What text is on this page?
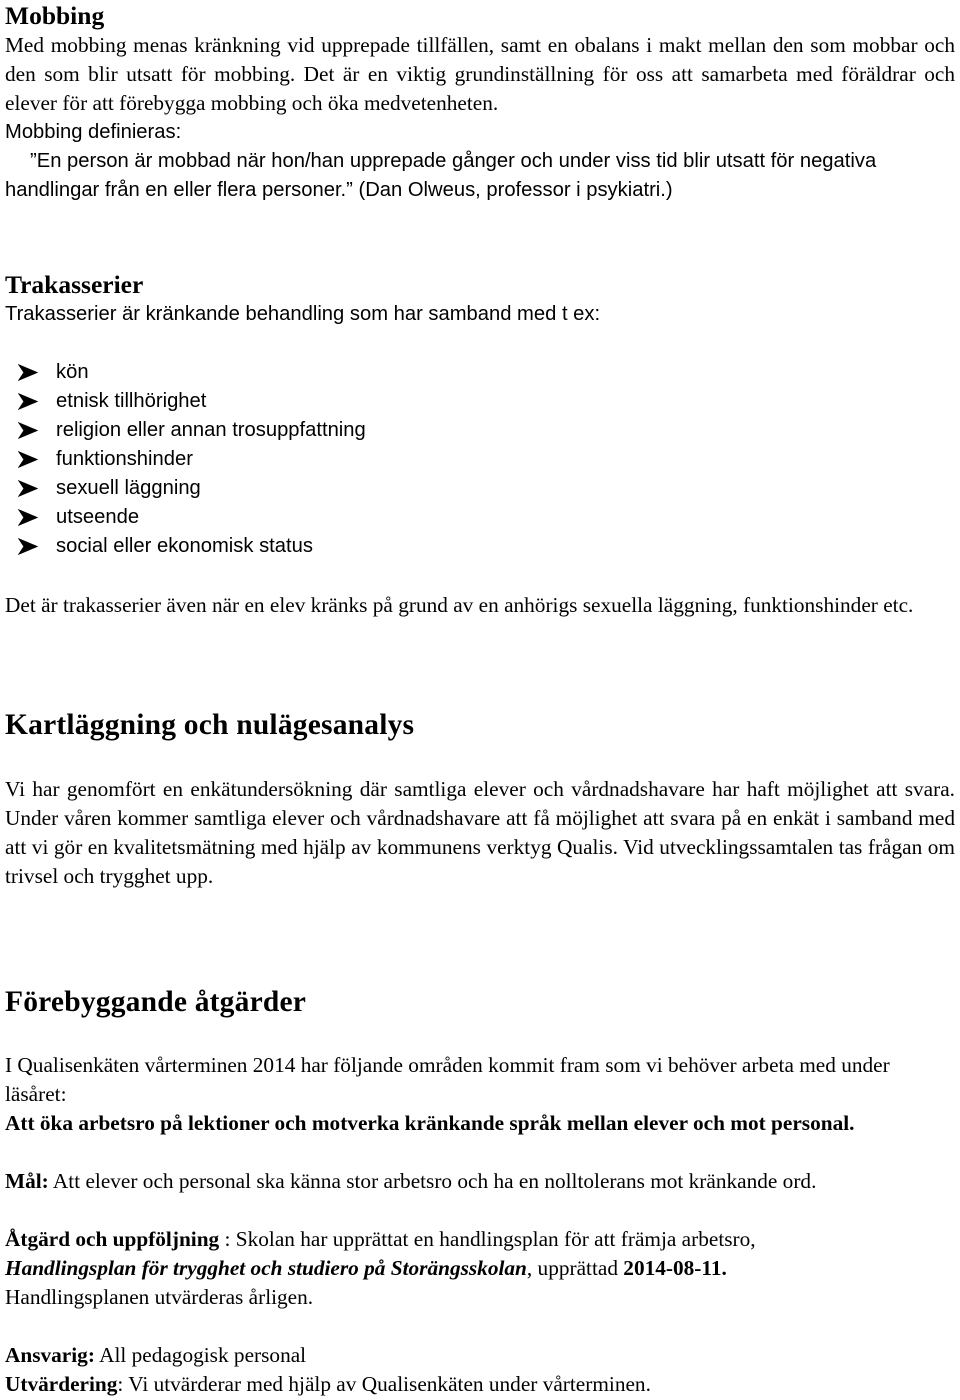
Mobbing

Med mobbing menas kränkning vid upprepade tillfällen, samt en obalans i makt mellan den som mobbar och den som blir utsatt för mobbing. Det är en viktig grundinställning för oss att samarbeta med föräldrar och elever för att förebygga mobbing och öka medvetenheten.

Mobbing definieras:
”En person är mobbad när hon/han upprepade gånger och under viss tid blir utsatt för negativa handlingar från en eller flera personer.” (Dan Olweus, professor i psykiatri.)
Trakasserier
Trakasserier är kränkande behandling som har samband med t ex:
kön
etnisk tillhörighet
religion eller annan trosuppfattning
funktionshinder
sexuell läggning
utseende
social eller ekonomisk status

Det är trakasserier även när en elev kränks på grund av en anhörigs sexuella läggning, funktionshinder etc.

Kartläggning och nulägesanalys

Vi har genomfört en enkätundersökning där samtliga elever och vårdnadshavare har haft möjlighet att svara. Under våren kommer samtliga elever och vårdnadshavare att få möjlighet att svara på en enkät i samband med att vi gör en kvalitetsmätning med hjälp av kommunens verktyg Qualis. Vid utvecklingssamtalen tas frågan om trivsel och trygghet upp.

Förebyggande åtgärder

I Qualisenkäten vårterminen 2014 har följande områden kommit fram som vi behöver arbeta med under läsåret:

Att öka arbetsro på lektioner och motverka kränkande språk mellan elever och mot personal.

Mål: Att elever och personal ska känna stor arbetsro och ha en nolltolerans mot kränkande ord.

Åtgärd och uppföljning : Skolan har upprättat en handlingsplan för att främja arbetsro,
Handlingsplan för trygghet och studiero på Storängsskolan, upprättad 2014-08-11.
Handlingsplanen utvärderas årligen.

Ansvarig: All pedagogisk personal
Utvärdering: Vi utvärderar med hjälp av Qualisenkäten under vårterminen.
